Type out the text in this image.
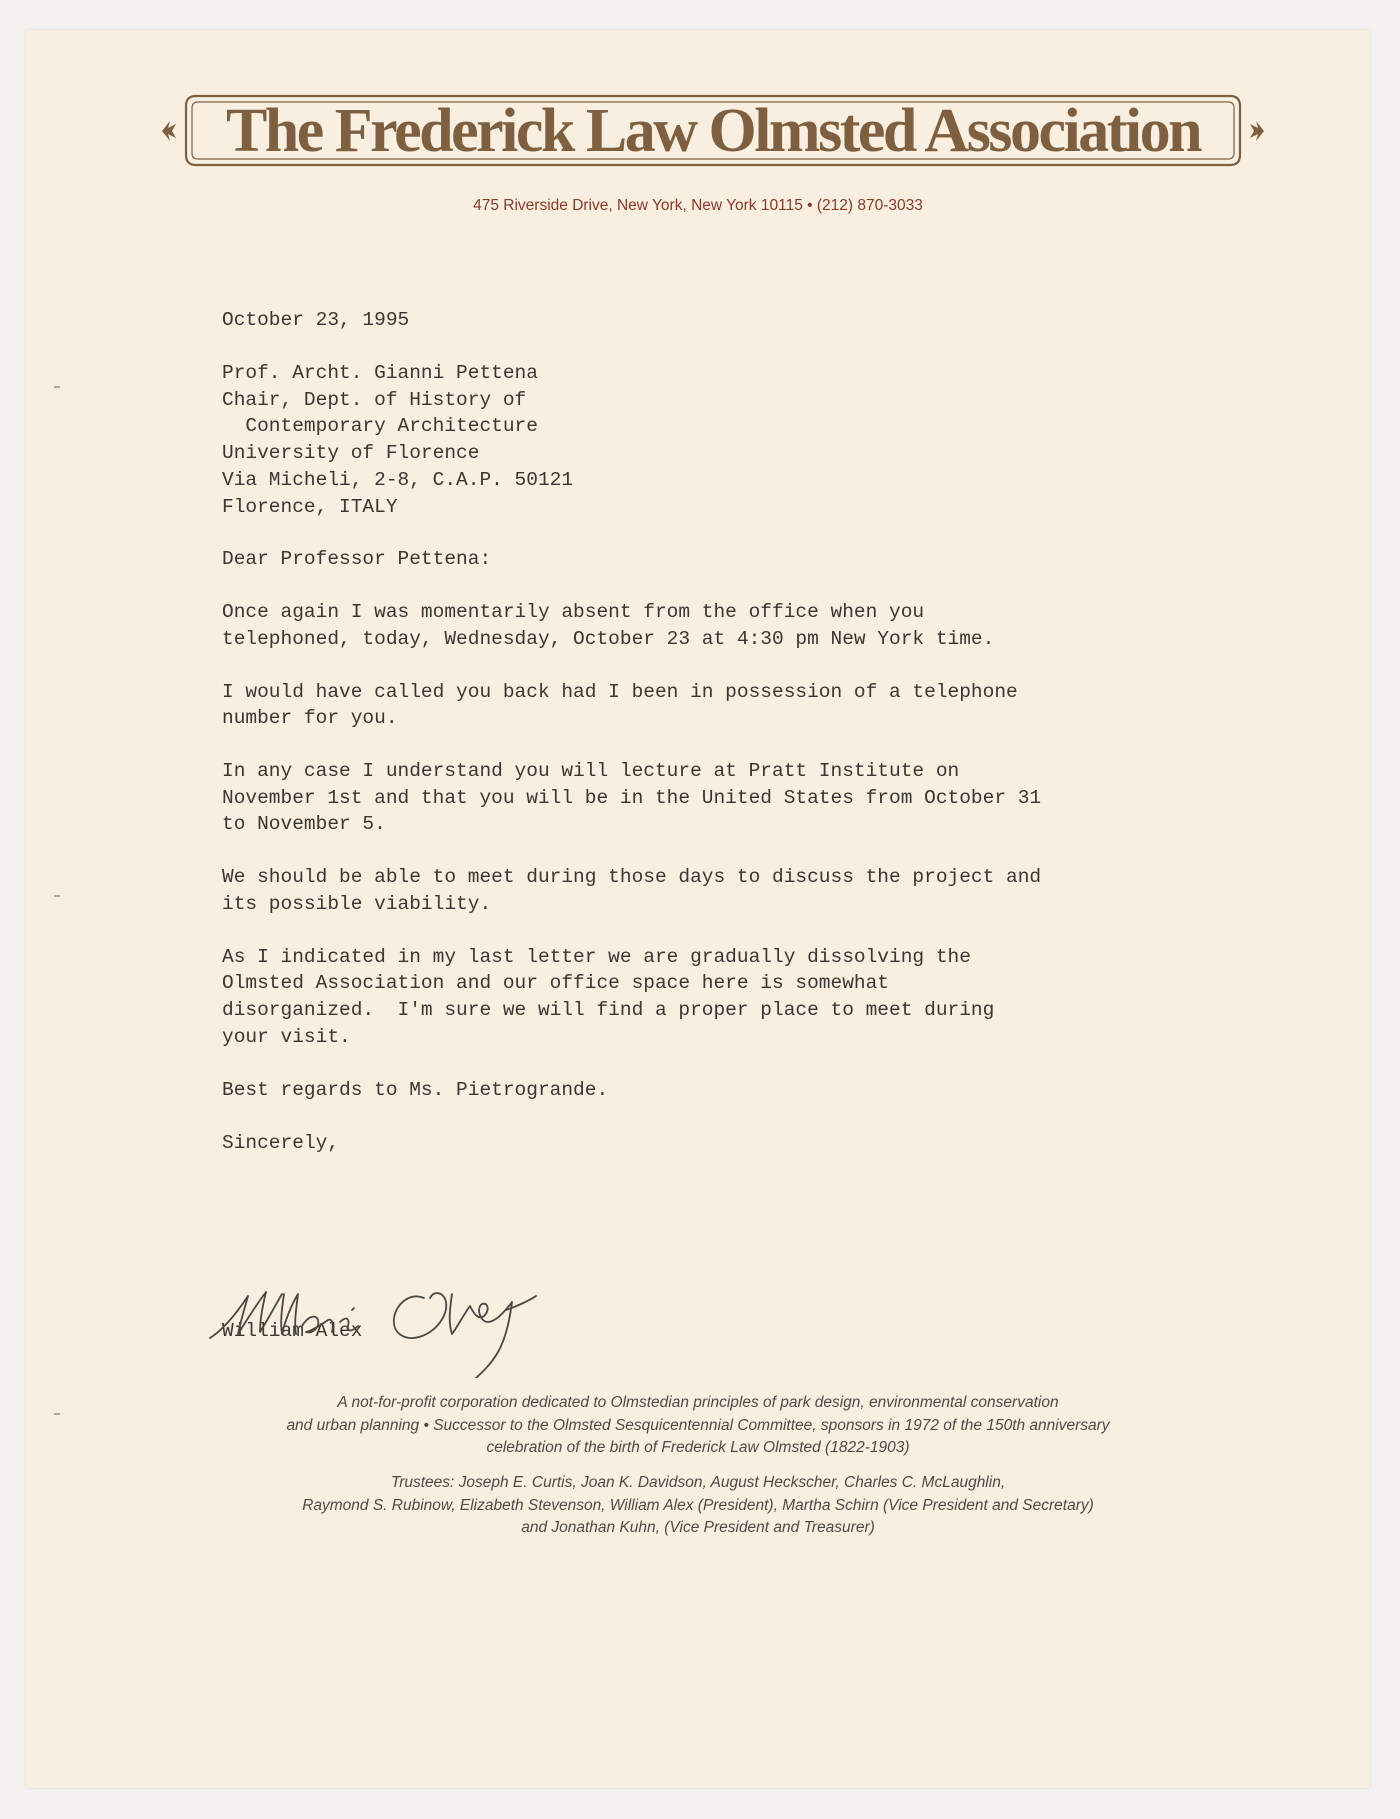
The Frederick Law Olmsted Association
475 Riverside Drive, New York, New York 10115 • (212) 870-3033
October 23, 1995
Prof. Archt. Gianni Pettena
Chair, Dept. of History of
Contemporary Architecture
University of Florence
Via Micheli, 2-8, C.A.P. 50121
Florence, ITALY
Dear Professor Pettena:
Once again I was momentarily absent from the office when you
telephoned, today, Wednesday, October 23 at 4:30 pm New York time.
I would have called you back had I been in possession of a telephone
number for you.
In any case I understand you will lecture at Pratt Institute on
November 1st and that you will be in the United States from October 31
to November 5.
We should be able to meet during those days to discuss the project and
its possible viability.
As I indicated in my last letter we are gradually dissolving the
Olmsted Association and our office space here is somewhat
disorganized.  I'm sure we will find a proper place to meet during
your visit.
Best regards to Ms. Pietrogrande.
Sincerely,
William Alex
A not-for-profit corporation dedicated to Olmstedian principles of park design, environmental conservation
and urban planning • Successor to the Olmsted Sesquicentennial Committee, sponsors in 1972 of the 150th anniversary
celebration of the birth of Frederick Law Olmsted (1822-1903)
Trustees: Joseph E. Curtis, Joan K. Davidson, August Heckscher, Charles C. McLaughlin,
Raymond S. Rubinow, Elizabeth Stevenson, William Alex (President), Martha Schirn (Vice President and Secretary)
and Jonathan Kuhn, (Vice President and Treasurer)
